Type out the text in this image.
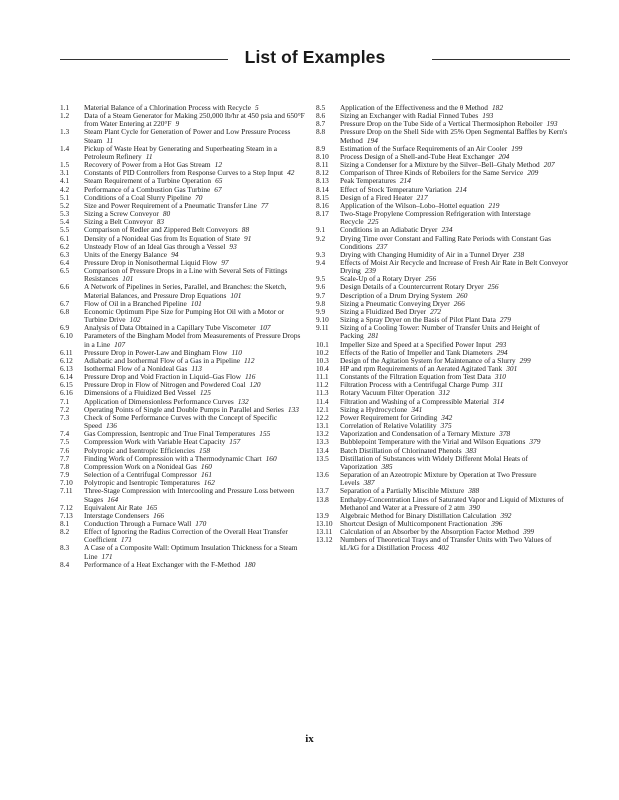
List of Examples
1.1	Material Balance of a Chlorination Process with Recycle 5
1.2	Data of a Steam Generator for Making 250,000 lb/hr at 450 psia and 650°F from Water Entering at 220°F 9
1.3	Steam Plant Cycle for Generation of Power and Low Pressure Process Steam 11
1.4	Pickup of Waste Heat by Generating and Superheating Steam in a Petroleum Refinery 11
1.5	Recovery of Power from a Hot Gas Stream 12
3.1	Constants of PID Controllers from Response Curves to a Step Input 42
4.1	Steam Requirement of a Turbine Operation 65
4.2	Performance of a Combustion Gas Turbine 67
5.1	Conditions of a Coal Slurry Pipeline 70
5.2	Size and Power Requirement of a Pneumatic Transfer Line 77
5.3	Sizing a Screw Conveyor 80
5.4	Sizing a Belt Conveyor 83
5.5	Comparison of Redler and Zippered Belt Conveyors 88
6.1	Density of a Nonideal Gas from Its Equation of State 91
6.2	Unsteady Flow of an Ideal Gas through a Vessel 93
6.3	Units of the Energy Balance 94
6.4	Pressure Drop in Nonisothermal Liquid Flow 97
6.5	Comparison of Pressure Drops in a Line with Several Sets of Fittings Resistances 101
6.6	A Network of Pipelines in Series, Parallel, and Branches: the Sketch, Material Balances, and Pressure Drop Equations 101
6.7	Flow of Oil in a Branched Pipeline 101
6.8	Economic Optimum Pipe Size for Pumping Hot Oil with a Motor or Turbine Drive 102
6.9	Analysis of Data Obtained in a Capillary Tube Viscometer 107
6.10	Parameters of the Bingham Model from Measurements of Pressure Drops in a Line 107
6.11	Pressure Drop in Power-Law and Bingham Flow 110
6.12	Adiabatic and Isothermal Flow of a Gas in a Pipeline 112
6.13	Isothermal Flow of a Nonideal Gas 113
6.14	Pressure Drop and Void Fraction in Liquid–Gas Flow 116
6.15	Pressure Drop in Flow of Nitrogen and Powdered Coal 120
6.16	Dimensions of a Fluidized Bed Vessel 125
7.1	Application of Dimensionless Performance Curves 132
7.2	Operating Points of Single and Double Pumps in Parallel and Series 133
7.3	Check of Some Performance Curves with the Concept of Specific Speed 136
7.4	Gas Compression, Isentropic and True Final Temperatures 155
7.5	Compression Work with Variable Heat Capacity 157
7.6	Polytropic and Isentropic Efficiencies 158
7.7	Finding Work of Compression with a Thermodynamic Chart 160
7.8	Compression Work on a Nonideal Gas 160
7.9	Selection of a Centrifugal Compressor 161
7.10	Polytropic and Isentropic Temperatures 162
7.11	Three-Stage Compression with Intercooling and Pressure Loss between Stages 164
7.12	Equivalent Air Rate 165
7.13	Interstage Condensers 166
8.1	Conduction Through a Furnace Wall 170
8.2	Effect of Ignoring the Radius Correction of the Overall Heat Transfer Coefficient 171
8.3	A Case of a Composite Wall: Optimum Insulation Thickness for a Steam Line 171
8.4	Performance of a Heat Exchanger with the F-Method 180
8.5	Application of the Effectiveness and the θ Method 182
8.6	Sizing an Exchanger with Radial Finned Tubes 193
8.7	Pressure Drop on the Tube Side of a Vertical Thermosiphon Reboiler 193
8.8	Pressure Drop on the Shell Side with 25% Open Segmental Baffles by Kern's Method 194
8.9	Estimation of the Surface Requirements of an Air Cooler 199
8.10	Process Design of a Shell-and-Tube Heat Exchanger 204
8.11	Sizing a Condenser for a Mixture by the Silver–Bell–Ghaly Method 207
8.12	Comparison of Three Kinds of Reboilers for the Same Service 209
8.13	Peak Temperatures 214
8.14	Effect of Stock Temperature Variation 214
8.15	Design of a Fired Heater 217
8.16	Application of the Wilson–Lobo–Hottel equation 219
8.17	Two-Stage Propylene Compression Refrigeration with Interstage Recycle 225
9.1	Conditions in an Adiabatic Dryer 234
9.2	Drying Time over Constant and Falling Rate Periods with Constant Gas Conditions 237
9.3	Drying with Changing Humidity of Air in a Tunnel Dryer 238
9.4	Effects of Moist Air Recycle and Increase of Fresh Air Rate in Belt Conveyor Drying 239
9.5	Scale-Up of a Rotary Dryer 256
9.6	Design Details of a Countercurrent Rotary Dryer 256
9.7	Description of a Drum Drying System 260
9.8	Sizing a Pneumatic Conveying Dryer 266
9.9	Sizing a Fluidized Bed Dryer 272
9.10	Sizing a Spray Dryer on the Basis of Pilot Plant Data 279
9.11	Sizing of a Cooling Tower: Number of Transfer Units and Height of Packing 281
10.1	Impeller Size and Speed at a Specified Power Input 293
10.2	Effects of the Ratio of Impeller and Tank Diameters 294
10.3	Design of the Agitation System for Maintenance of a Slurry 299
10.4	HP and rpm Requirements of an Aerated Agitated Tank 301
11.1	Constants of the Filtration Equation from Test Data 310
11.2	Filtration Process with a Centrifugal Charge Pump 311
11.3	Rotary Vacuum Filter Operation 312
11.4	Filtration and Washing of a Compressible Material 314
12.1	Sizing a Hydrocyclone 341
12.2	Power Requirement for Grinding 342
13.1	Correlation of Relative Volatility 375
13.2	Vaporization and Condensation of a Ternary Mixture 378
13.3	Bubblepoint Temperature with the Virial and Wilson Equations 379
13.4	Batch Distillation of Chlorinated Phenols 383
13.5	Distillation of Substances with Widely Different Molal Heats of Vaporization 385
13.6	Separation of an Azeotropic Mixture by Operation at Two Pressure Levels 387
13.7	Separation of a Partially Miscible Mixture 388
13.8	Enthalpy-Concentration Lines of Saturated Vapor and Liquid of Mixtures of Methanol and Water at a Pressure of 2 atm 390
13.9	Algebraic Method for Binary Distillation Calculation 392
13.10	Shortcut Design of Multicomponent Fractionation 396
13.11	Calculation of an Absorber by the Absorption Factor Method 399
13.12	Numbers of Theoretical Trays and of Transfer Units with Two Values of kL/kG for a Distillation Process 402
ix
